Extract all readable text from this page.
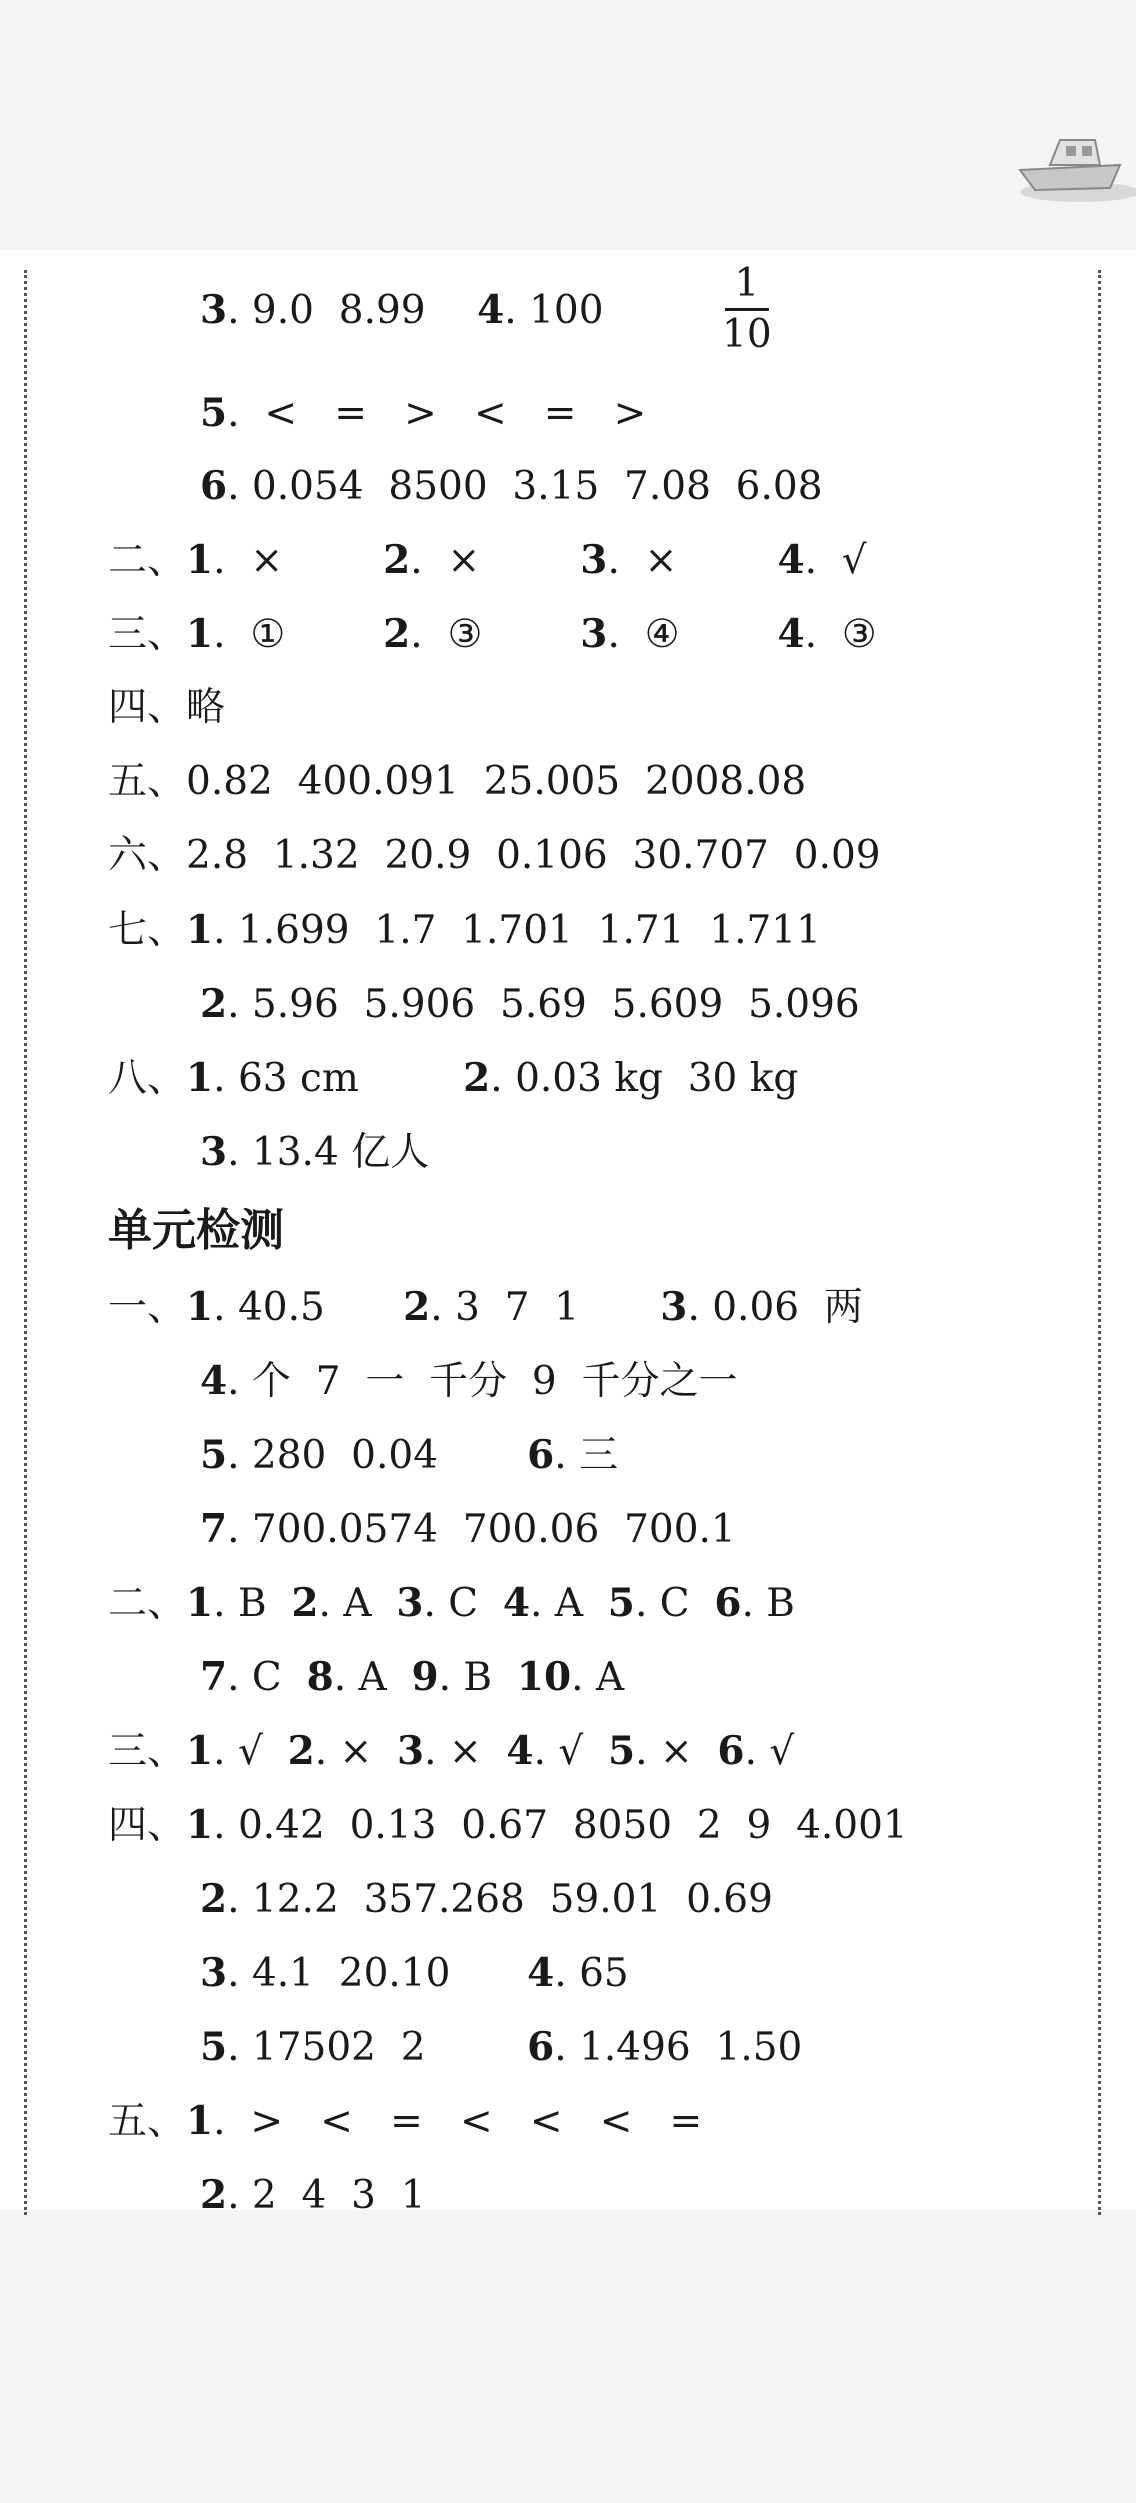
3. 9.0  8.99 4. 100
5.  <   =   >   <   =   >
6. 0.054  8500  3.15  7.08  6.08
二、1.  ×	2.  ×	3.  ×	4.  √
三、1.  ①	2.  ③	3.  ④	4.  ③
四、略
五、0.82  400.091  25.005  2008.08
六、2.8  1.32  20.9  0.106  30.707  0.09
七、1. 1.699  1.7  1.701  1.71  1.711
2. 5.96  5.906  5.69  5.609  5.096
八、1. 63 cm	2. 0.03 kg  30 kg
3. 13.4 亿人
一、1. 40.5 2. 3  7  1 3. 0.06  两
4. 个  7  一  千分  9  千分之一
5. 280  0.04 6. 三
7. 700.0574  700.06  700.1
二、1. B  2. A  3. C  4. A  5. C  6. B
7. C  8. A  9. B  10. A
三、1. √  2. ×  3. ×  4. √  5. ×  6. √
四、1. 0.42  0.13  0.67  8050  2  9  4.001
2. 12.2  357.268  59.01  0.69
3. 4.1  20.10 4. 65
5. 17502  2	6. 1.496  1.50
五、1.  >   <   =   <   <   <   =
2. 2  4  3  1
1
10
单元检测
